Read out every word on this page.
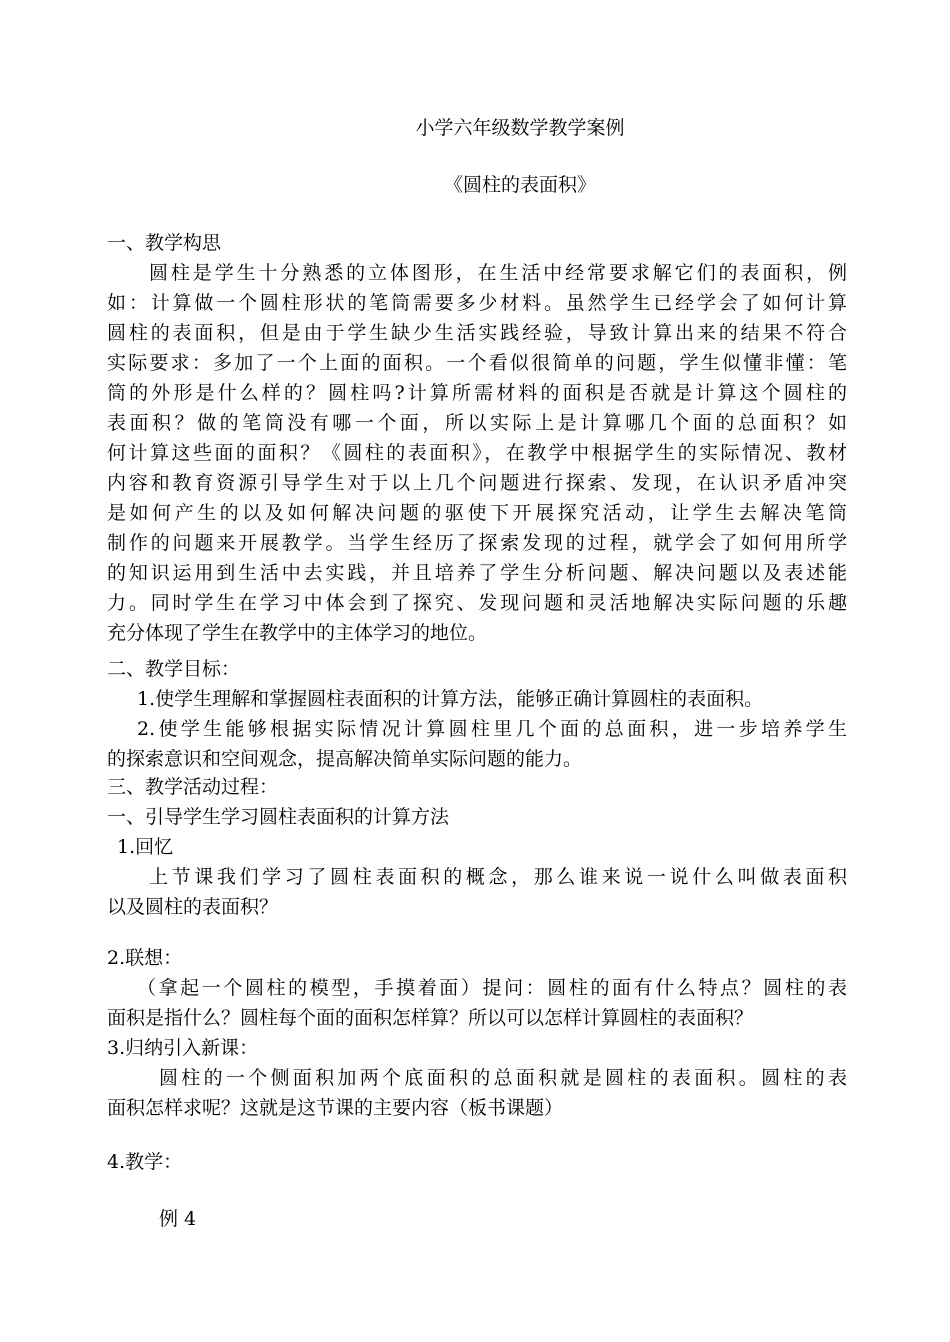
小学六年级数学教学案例
《圆柱的表面积》
一、教学构思
圆柱是学生十分熟悉的立体图形，在生活中经常要求解它们的表面积，例
如：计算做一个圆柱形状的笔筒需要多少材料。虽然学生已经学会了如何计算
圆柱的表面积，但是由于学生缺少生活实践经验，导致计算出来的结果不符合
实际要求：多加了一个上面的面积。一个看似很简单的问题，学生似懂非懂：笔
筒的外形是什么样的？圆柱吗?计算所需材料的面积是否就是计算这个圆柱的
表面积？做的笔筒没有哪一个面，所以实际上是计算哪几个面的总面积？如
何计算这些面的面积？《圆柱的表面积》，在教学中根据学生的实际情况、教材
内容和教育资源引导学生对于以上几个问题进行探索、发现，在认识矛盾冲突
是如何产生的以及如何解决问题的驱使下开展探究活动，让学生去解决笔筒
制作的问题来开展教学。当学生经历了探索发现的过程，就学会了如何用所学
的知识运用到生活中去实践，并且培养了学生分析问题、解决问题以及表述能
力。同时学生在学习中体会到了探究、发现问题和灵活地解决实际问题的乐趣
充分体现了学生在教学中的主体学习的地位。
二、教学目标：
1.使学生理解和掌握圆柱表面积的计算方法，能够正确计算圆柱的表面积。
2.使学生能够根据实际情况计算圆柱里几个面的总面积，进一步培养学生
的探索意识和空间观念，提高解决简单实际问题的能力。
三、教学活动过程：
一、引导学生学习圆柱表面积的计算方法
1.回忆
上节课我们学习了圆柱表面积的概念，那么谁来说一说什么叫做表面积
以及圆柱的表面积？
2.联想：
（拿起一个圆柱的模型，手摸着面）提问：圆柱的面有什么特点？圆柱的表
面积是指什么？圆柱每个面的面积怎样算？所以可以怎样计算圆柱的表面积？
3.归纳引入新课：
圆柱的一个侧面积加两个底面积的总面积就是圆柱的表面积。圆柱的表
面积怎样求呢？这就是这节课的主要内容（板书课题）
4.教学：
例 4
